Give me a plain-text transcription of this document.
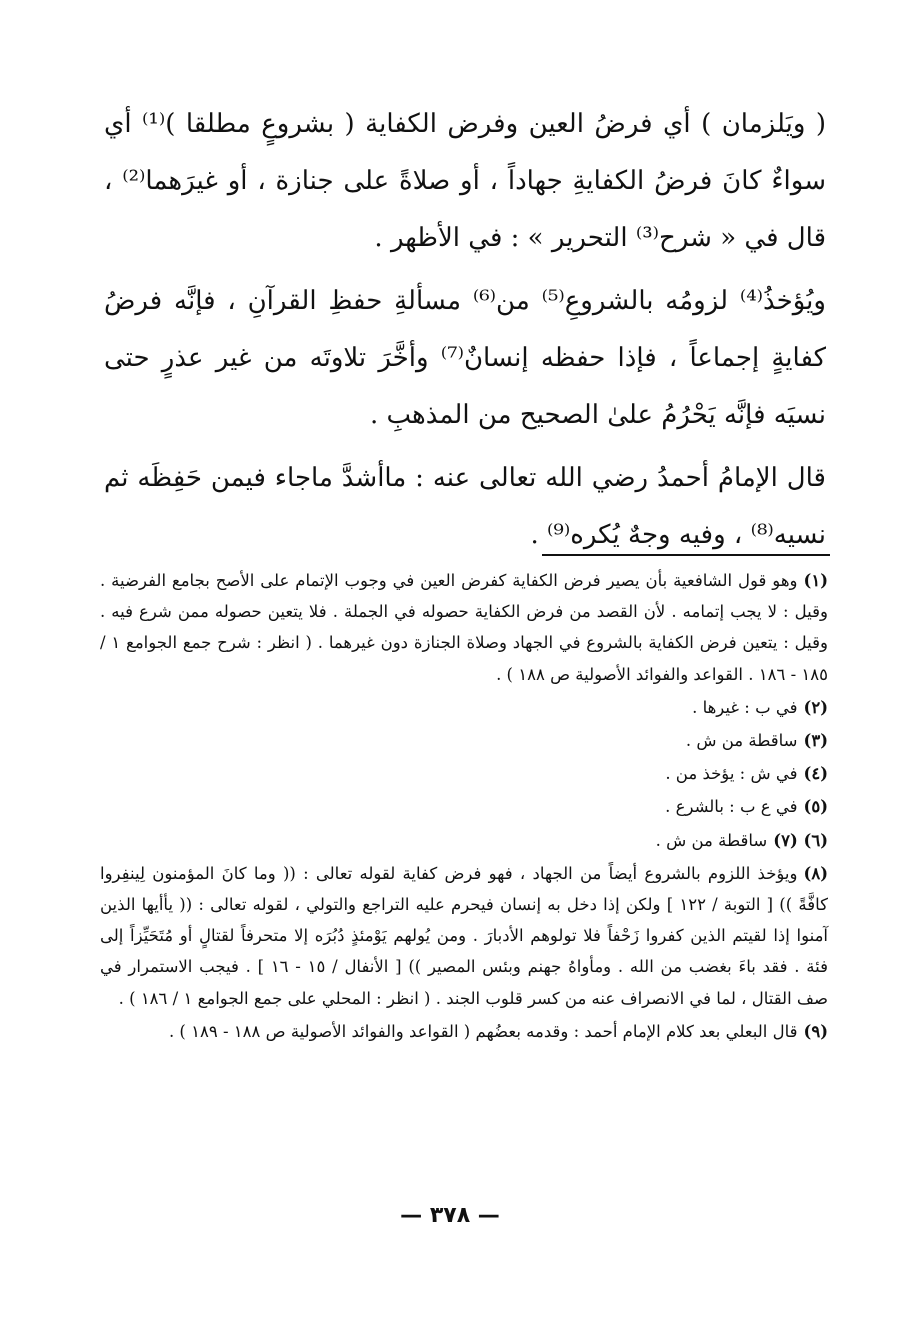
( ويَلزمان ) أي فرضُ العين وفرض الكفاية ( بشروعٍ مطلقا )⁽¹⁾ أي سواءٌ كانَ فرضُ الكفايةِ جهاداً ، أو صلاةً على جنازة ، أو غيرَهما⁽²⁾ ، قال في « شرح⁽³⁾ التحرير » : في الأظهر .

ويُؤخذُ⁽⁴⁾ لزومُه بالشروعِ⁽⁵⁾ من⁽⁶⁾ مسألةِ حفظِ القرآنِ ، فإنَّه فرضُ كفايةٍ إجماعاً ، فإذا حفظه إنسانٌ⁽⁷⁾ وأخَّرَ تلاوتَه من غير عذرٍ حتى نسيَه فإنَّه يَحْرُمُ علىٰ الصحيح من المذهبِ .

قال الإمامُ أحمدُ رضي الله تعالى عنه : ماأشدَّ ماجاء فيمن حَفِظَه ثم نسيه⁽⁸⁾ ، وفيه وجهٌ يُكره⁽⁹⁾ .

(١)وهو قول الشافعية بأن يصير فرض الكفاية كفرض العين في وجوب الإتمام على الأصح بجامع الفرضية . وقيل : لا يجب إتمامه . لأن القصد من فرض الكفاية حصوله في الجملة . فلا يتعين حصوله ممن شرع فيه . وقيل : يتعين فرض الكفاية بالشروع في الجهاد وصلاة الجنازة دون غيرهما . ( انظر : شرح جمع الجوامع ١ / ١٨٥ - ١٨٦ . القواعد والفوائد الأصولية ص ١٨٨ ) .

(٢)في ب : غيرها .

(٣)ساقطة من ش .

(٤)في ش : يؤخذ من .

(٥)في ع ب : بالشرع .

(٦) (٧)ساقطة من ش .

(٨)ويؤخذ اللزوم بالشروع أيضاً من الجهاد ، فهو فرض كفاية لقوله تعالى : (( وما كانَ المؤمنون لِينفِروا كافَّةً )) [ التوبة / ١٢٢ ] ولكن إذا دخل به إنسان فيحرم عليه التراجع والتولي ، لقوله تعالى : (( يأأيها الذين آمنوا إذا لقيتم الذين كفروا زَحْفاً فلا تولوهم الأدبارَ . ومن يُولهم يَوْمئذٍ دُبُرَه إلا متحرفاً لقتالٍ أو مُتَحَيِّزاً إلى فئة . فقد باءَ بغضب من الله . ومأواهُ جهنم وبئس المصير )) [ الأنفال / ١٥ - ١٦ ] . فيجب الاستمرار في صف القتال ، لما في الانصراف عنه من كسر قلوب الجند . ( انظر : المحلي على جمع الجوامع ١ / ١٨٦ ) .

(٩)قال البعلي بعد كلام الإمام أحمد : وقدمه بعضُهم ( القواعد والفوائد الأصولية ص ١٨٨ - ١٨٩ ) .

— ٣٧٨ —
